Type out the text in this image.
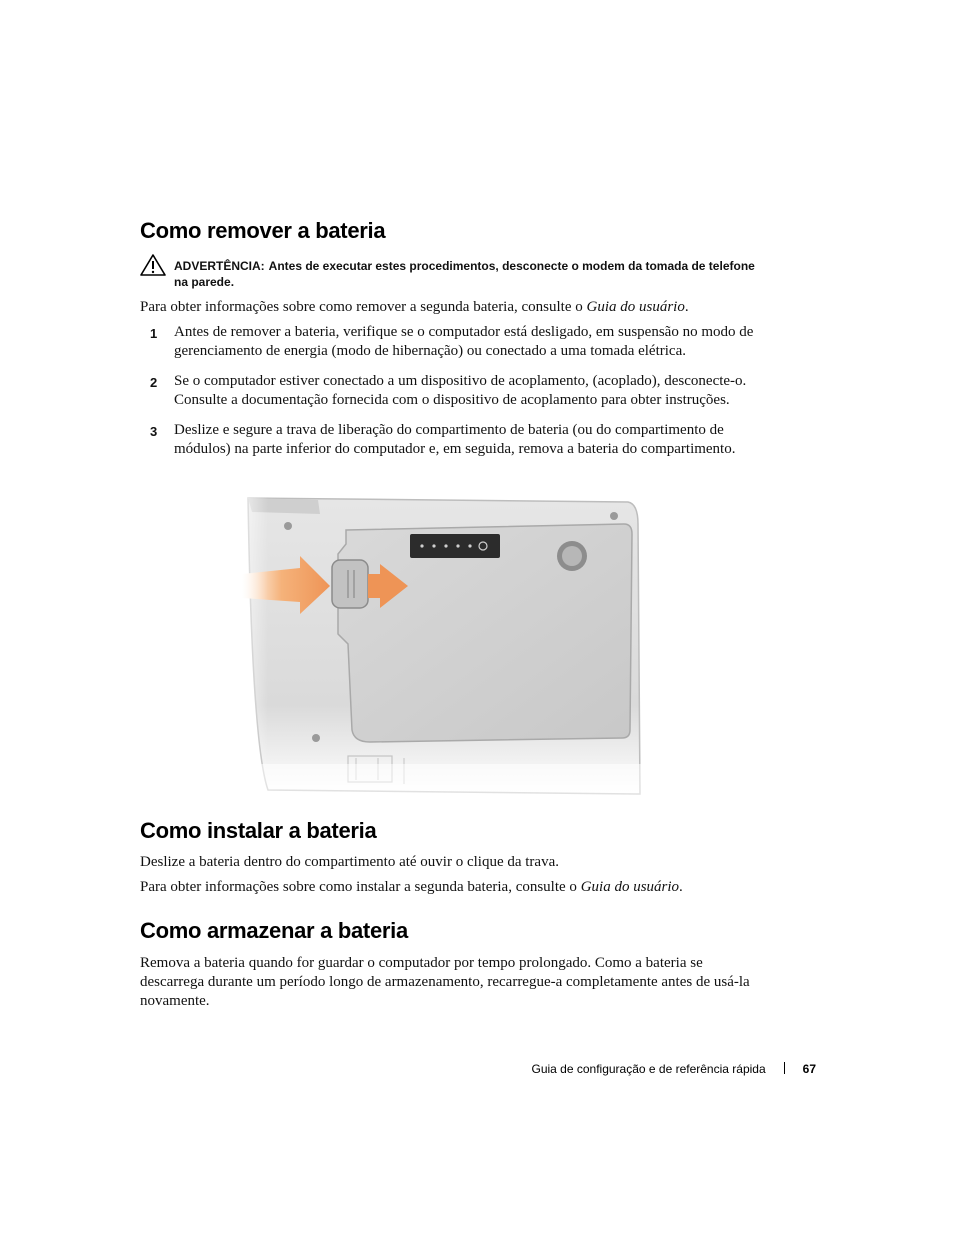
Como remover a bateria
ADVERTÊNCIA: Antes de executar estes procedimentos, desconecte o modem da tomada de telefone na parede.

Para obter informações sobre como remover a segunda bateria, consulte o Guia do usuário.

1 Antes de remover a bateria, verifique se o computador está desligado, em suspensão no modo de gerenciamento de energia (modo de hibernação) ou conectado a uma tomada elétrica.
2 Se o computador estiver conectado a um dispositivo de acoplamento, (acoplado), desconecte-o. Consulte a documentação fornecida com o dispositivo de acoplamento para obter instruções.
3 Deslize e segure a trava de liberação do compartimento de bateria (ou do compartimento de módulos) na parte inferior do computador e, em seguida, remova a bateria do compartimento.
Como instalar a bateria

Deslize a bateria dentro do compartimento até ouvir o clique da trava.

Para obter informações sobre como instalar a segunda bateria, consulte o Guia do usuário.

Como armazenar a bateria

Remova a bateria quando for guardar o computador por tempo prolongado. Como a bateria se descarrega durante um período longo de armazenamento, recarregue-a completamente antes de usá-la novamente.

Guia de configuração e de referência rápida	67
